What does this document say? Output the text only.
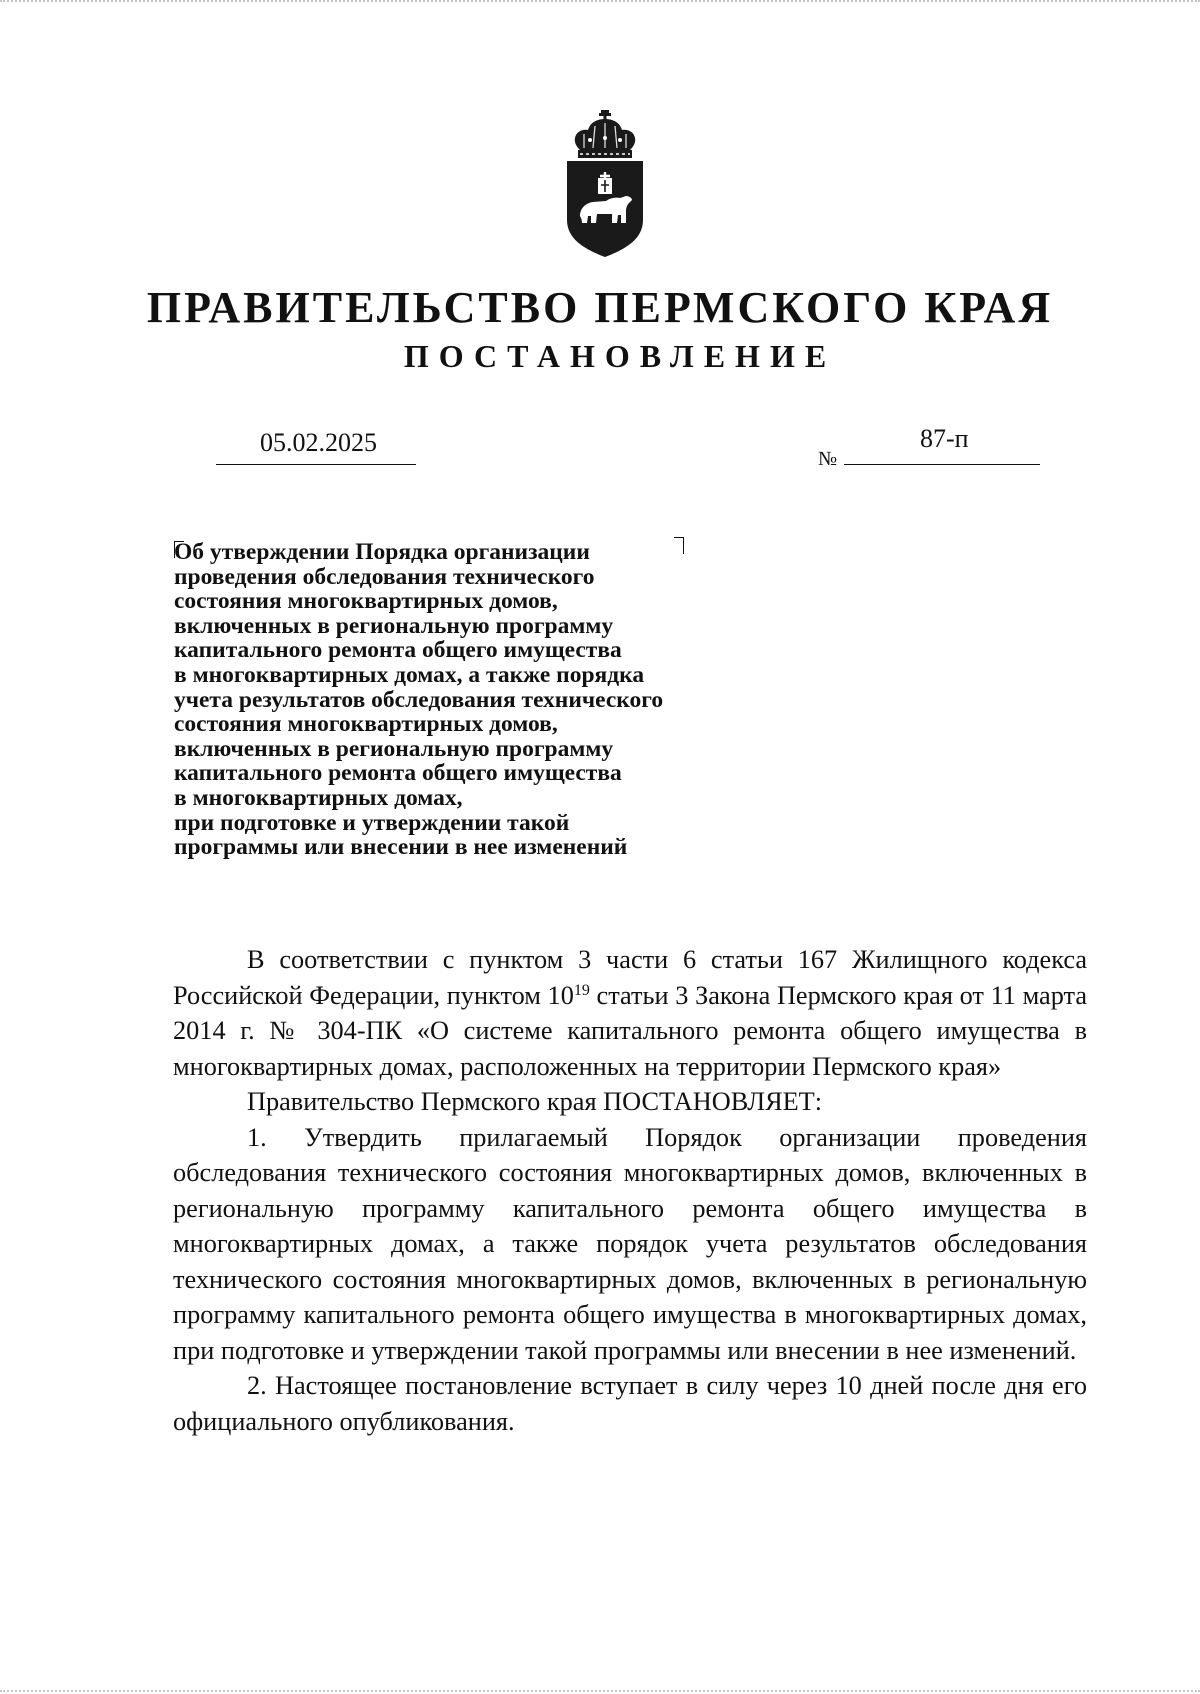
ПРАВИТЕЛЬСТВО ПЕРМСКОГО КРАЯ
ПОСТАНОВЛЕНИЕ
05.02.2025
№
87-п
Об утверждении Порядка организации
проведения обследования технического
состояния многоквартирных домов,
включенных в региональную программу
капитального ремонта общего имущества
в многоквартирных домах, а также порядка
учета результатов обследования технического
состояния многоквартирных домов,
включенных в региональную программу
капитального ремонта общего имущества
в многоквартирных домах,
при подготовке и утверждении такой
программы или внесении в нее изменений

В соответствии с пунктом 3 части 6 статьи 167 Жилищного кодекса Российской Федерации, пунктом $10^{19}$ статьи 3 Закона Пермского края от 11 марта 2014 г. № 304-ПК «О системе капитального ремонта общего имущества в многоквартирных домах, расположенных на территории Пермского края»

Правительство Пермского края ПОСТАНОВЛЯЕТ:

1. Утвердить прилагаемый Порядок организации проведения обследования технического состояния многоквартирных домов, включенных в региональную программу капитального ремонта общего имущества в многоквартирных домах, а также порядок учета результатов обследования технического состояния многоквартирных домов, включенных в региональную программу капитального ремонта общего имущества в многоквартирных домах, при подготовке и утверждении такой программы или внесении в нее изменений.

2. Настоящее постановление вступает в силу через 10 дней после дня его официального опубликования.
